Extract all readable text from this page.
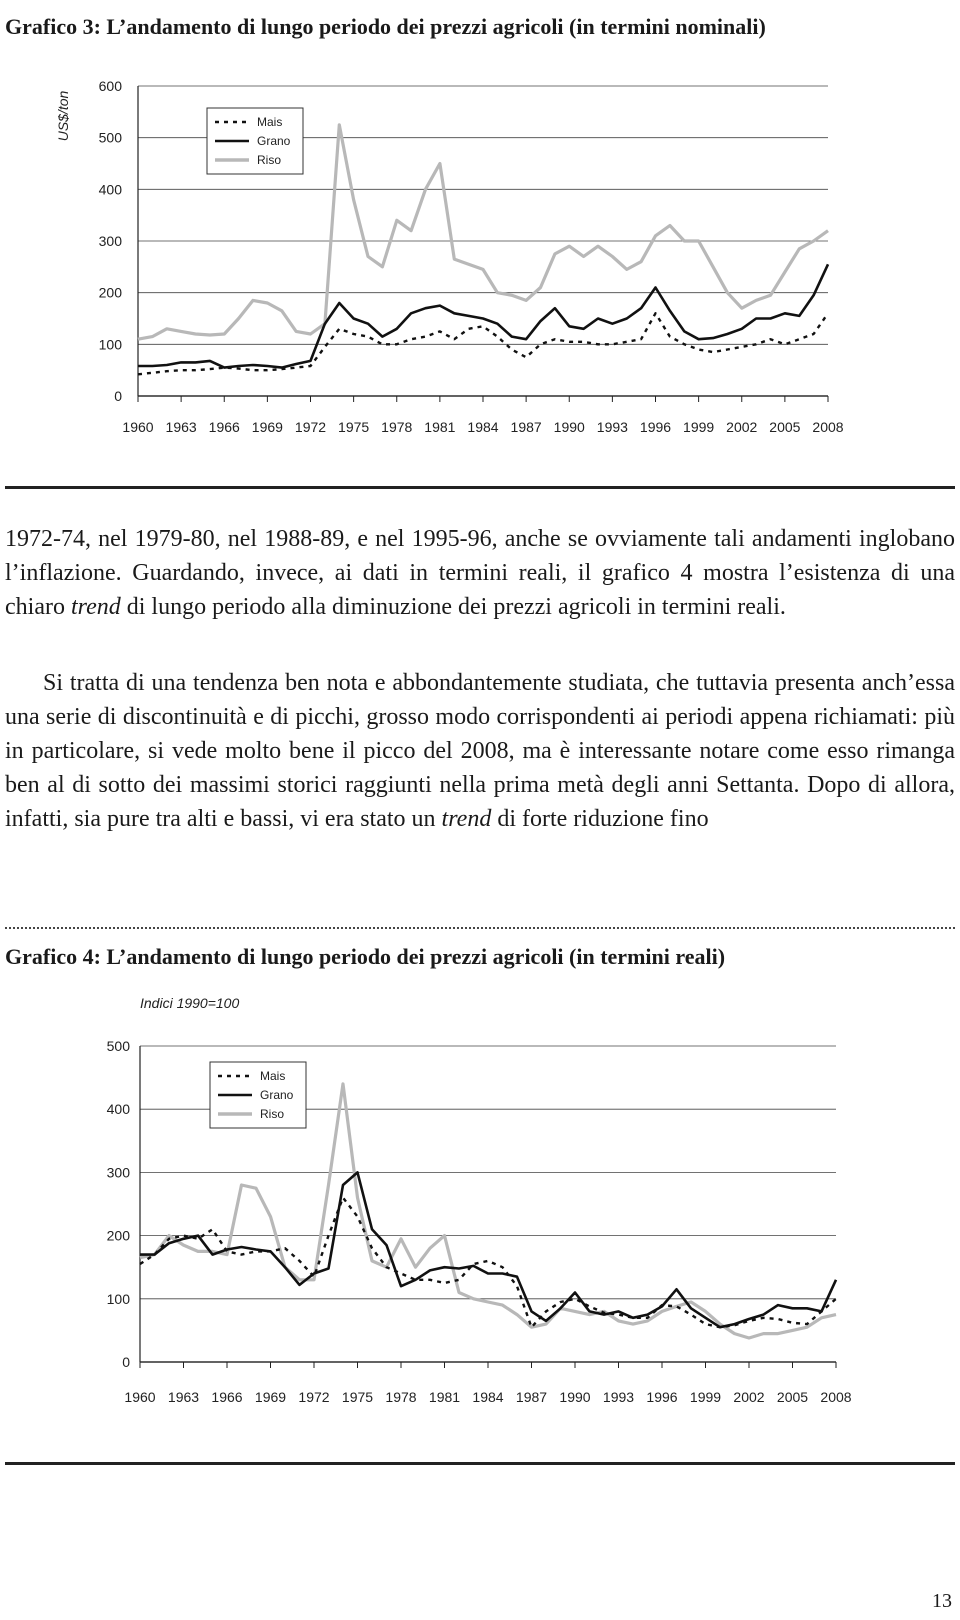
Grafico 3: L’andamento di lungo periodo dei prezzi agricoli (in termini nominali)
0
100
200
300
400
500
600
1960 1963 1966 1969 1972 1975 1978 1981 1984 1987 1990 1993 1996 1999 2002 2005 2008
US$/ton	Mais
Grano
Riso

1972-74, nel 1979-80, nel 1988-89, e nel 1995-96, anche se ovviamente tali andamenti inglobano l’inflazione. Guardando, invece, ai dati in termini reali, il grafico 4 mostra l’esistenza di una chiaro trend di lungo periodo alla diminuzione dei prezzi agricoli in termini reali.

Si tratta di una tendenza ben nota e abbondantemente studiata, che tuttavia presenta anch’essa una serie di discontinuità e di picchi, grosso modo corrispondenti ai periodi appena richiamati: più in particolare, si vede molto bene il picco del 2008, ma è interessante notare come esso rimanga ben al di sotto dei massimi storici raggiunti nella prima metà degli anni Settanta. Dopo di allora, infatti, sia pure tra alti e bassi, vi era stato un trend di forte riduzione fino

Grafico 4: L’andamento di lungo periodo dei prezzi agricoli (in termini reali)
0
100
200
300
400
500
1960 1963 1966 1969 1972 1975 1978 1981 1984 1987 1990 1993 1996 1999 2002 2005 2008
Indici 1990=100
Mais
Grano
Riso
13
